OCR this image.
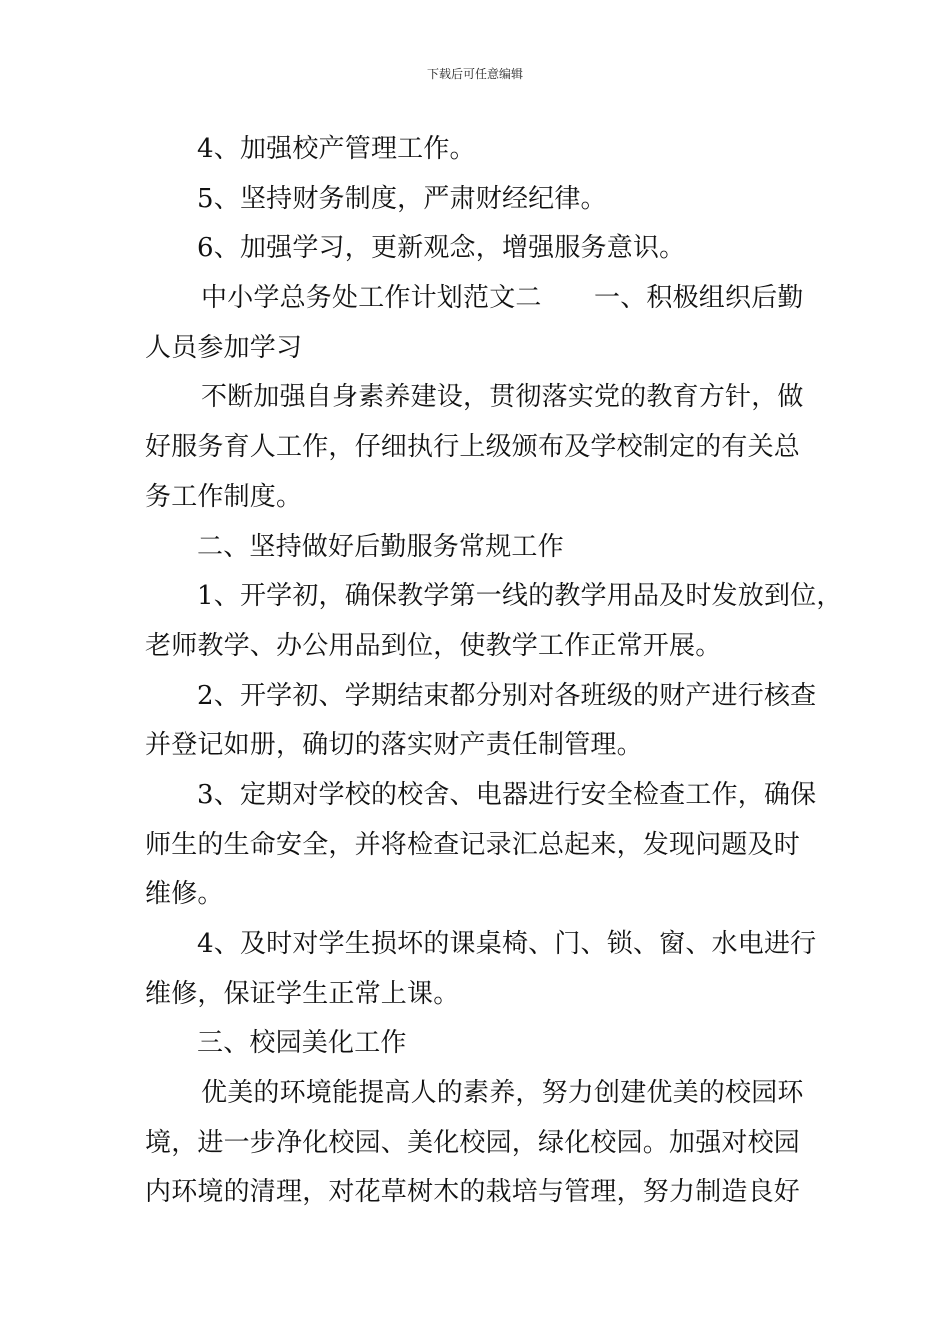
下载后可任意编辑
4、加强校产管理工作。
5、坚持财务制度，严肃财经纪律。
6、加强学习，更新观念，增强服务意识。
中小学总务处工作计划范文二　　一、积极组织后勤
人员参加学习
不断加强自身素养建设，贯彻落实党的教育方针，做
好服务育人工作，仔细执行上级颁布及学校制定的有关总
务工作制度。
二、坚持做好后勤服务常规工作
1、开学初，确保教学第一线的教学用品及时发放到位，
老师教学、办公用品到位，使教学工作正常开展。
2、开学初、学期结束都分别对各班级的财产进行核查
并登记如册，确切的落实财产责任制管理。
3、定期对学校的校舍、电器进行安全检查工作，确保
师生的生命安全，并将检查记录汇总起来，发现问题及时
维修。
4、及时对学生损坏的课桌椅、门、锁、窗、水电进行
维修，保证学生正常上课。
三、校园美化工作
优美的环境能提高人的素养，努力创建优美的校园环
境，进一步净化校园、美化校园，绿化校园。加强对校园
内环境的清理，对花草树木的栽培与管理，努力制造良好
